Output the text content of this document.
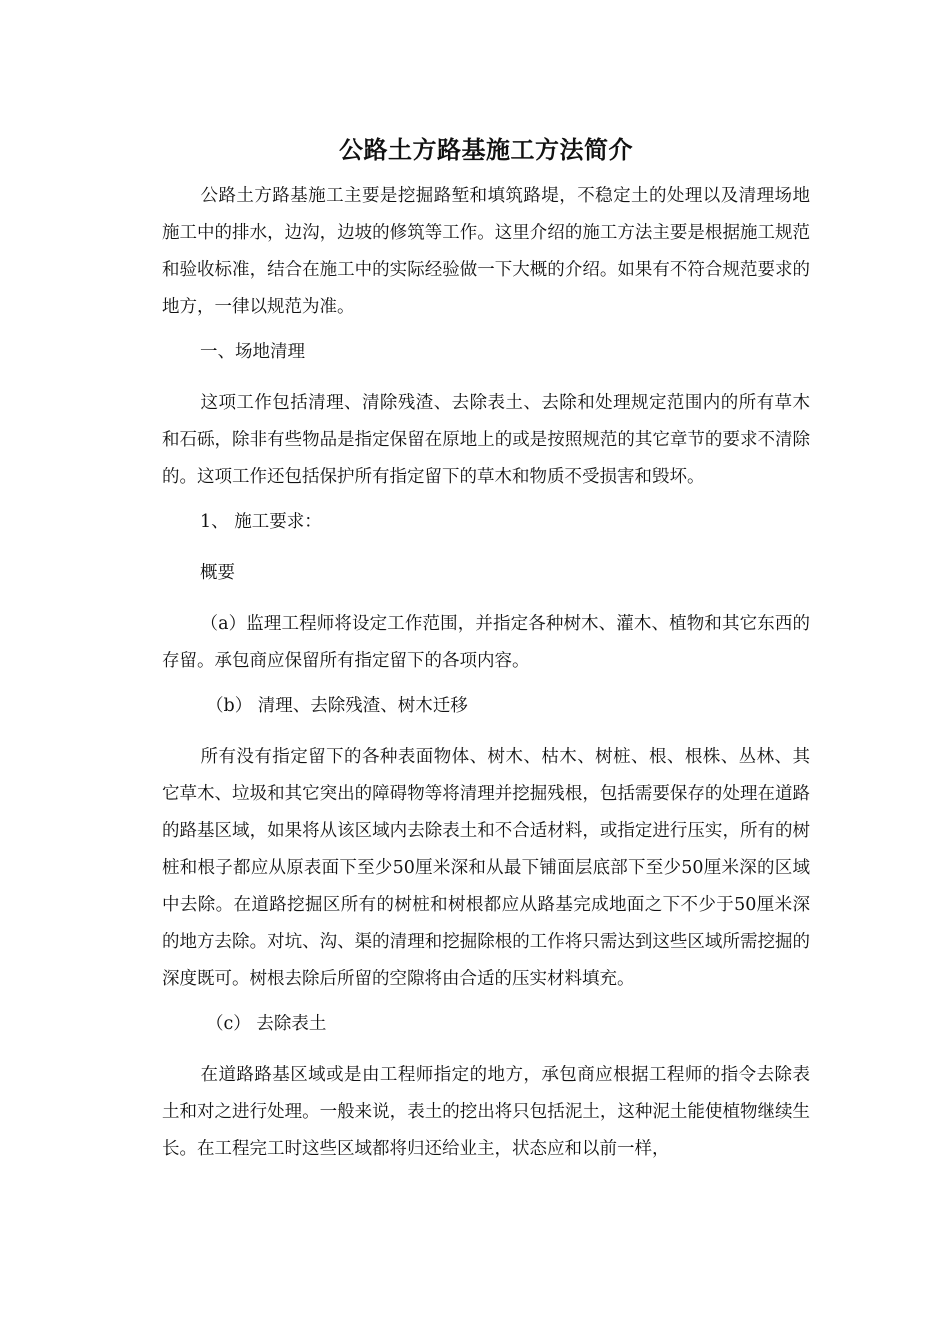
公路土方路基施工方法简介

公路土方路基施工主要是挖掘路堑和填筑路堤，不稳定土的处理以及清理场地施工中的排水，边沟，边坡的修筑等工作。这里介绍的施工方法主要是根据施工规范和验收标准，结合在施工中的实际经验做一下大概的介绍。如果有不符合规范要求的地方，一律以规范为准。

一、场地清理

这项工作包括清理、清除残渣、去除表土、去除和处理规定范围内的所有草木和石砾，除非有些物品是指定保留在原地上的或是按照规范的其它章节的要求不清除的。这项工作还包括保护所有指定留下的草木和物质不受损害和毁坏。

1、 施工要求：

概要

（a）监理工程师将设定工作范围，并指定各种树木、灌木、植物和其它东西的存留。承包商应保留所有指定留下的各项内容。

（b） 清理、去除残渣、树木迁移

所有没有指定留下的各种表面物体、树木、枯木、树桩、根、根株、丛林、其它草木、垃圾和其它突出的障碍物等将清理并挖掘残根，包括需要保存的处理在道路的路基区域，如果将从该区域内去除表土和不合适材料，或指定进行压实，所有的树桩和根子都应从原表面下至少50厘米深和从最下铺面层底部下至少50厘米深的区域中去除。在道路挖掘区所有的树桩和树根都应从路基完成地面之下不少于50厘米深的地方去除。对坑、沟、渠的清理和挖掘除根的工作将只需达到这些区域所需挖掘的深度既可。树根去除后所留的空隙将由合适的压实材料填充。

（c） 去除表土

在道路路基区域或是由工程师指定的地方，承包商应根据工程师的指令去除表土和对之进行处理。一般来说，表土的挖出将只包括泥土，这种泥土能使植物继续生长。在工程完工时这些区域都将归还给业主，状态应和以前一样，
